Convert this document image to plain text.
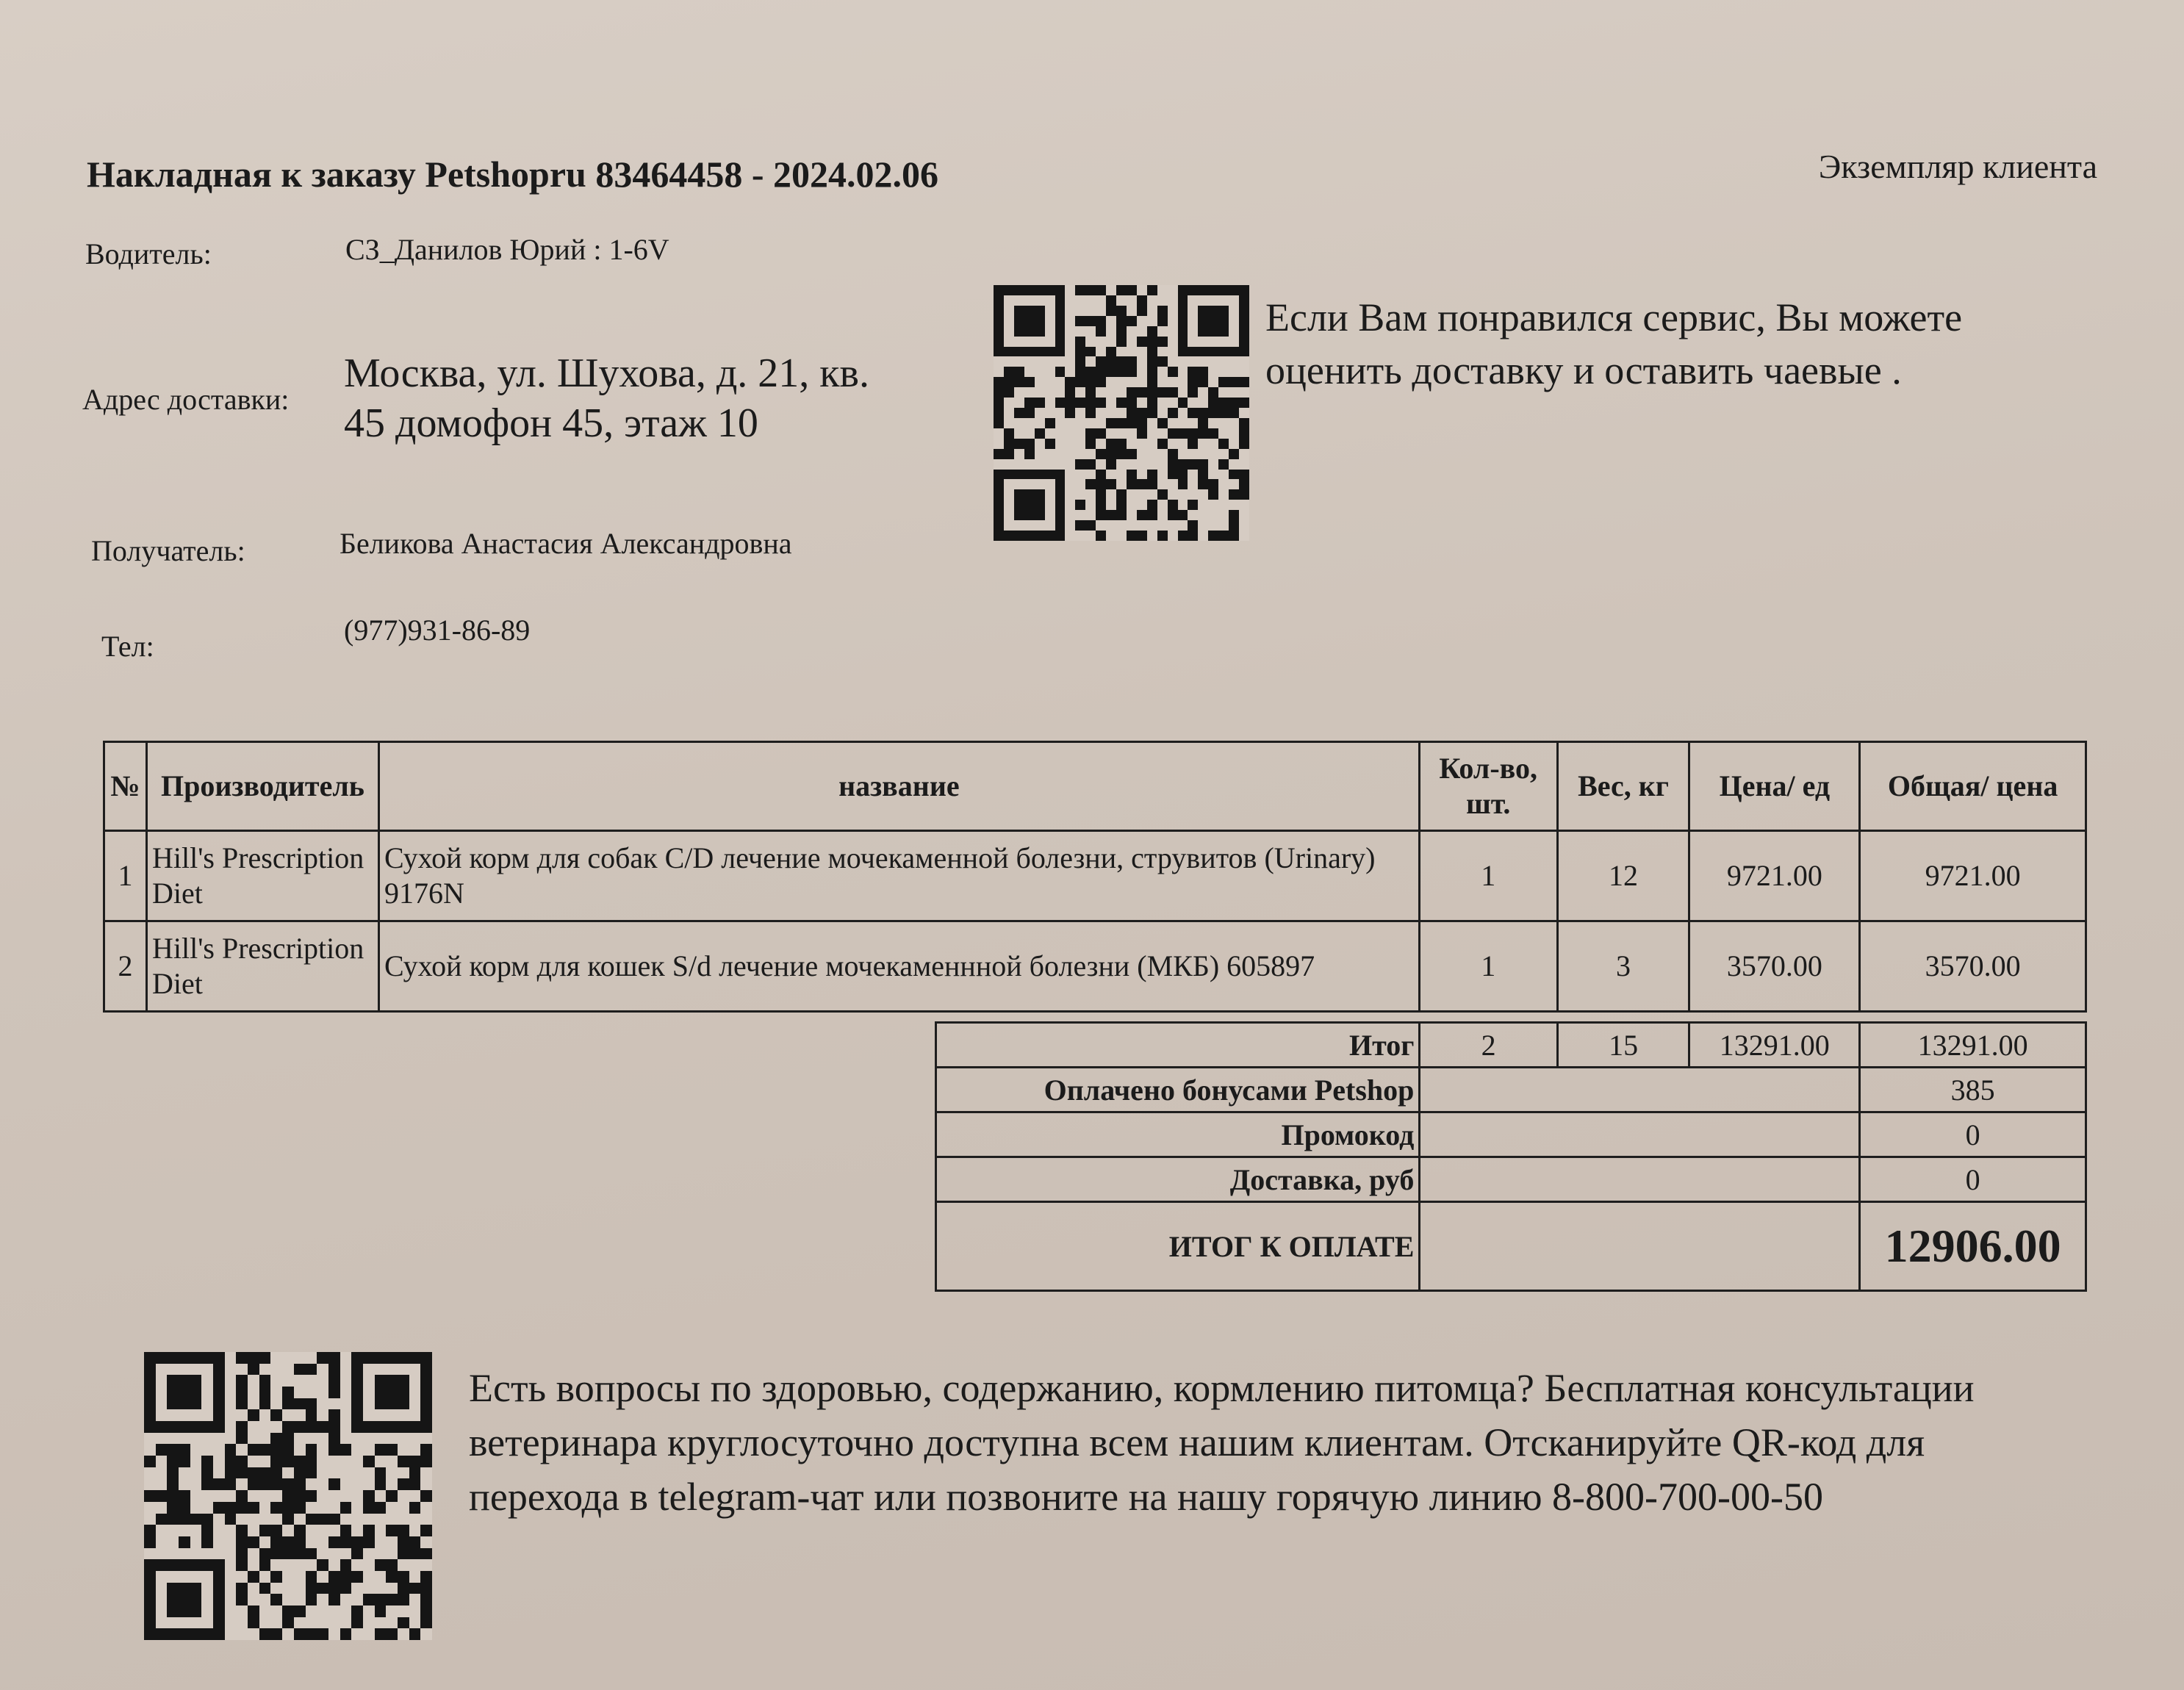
Накладная к заказу Petshopru 83464458 - 2024.02.06	Экземпляр клиента
Водитель:	СЗ_Данилов Юрий : 1-6V
Адрес доставки:
Москва, ул. Шухова, д. 21, кв. 45 домофон 45, этаж 10
Получатель:	Беликова Анастасия Александровна
Тел:	(977)931-86-89
Если Вам понравился сервис, Вы можете оценить доставку и оставить чаевые .
№	Производитель	название	Кол-во, шт.	Вес, кг	Цена/ ед	Общая/ цена
1	Hill's Prescription Diet	Сухой корм для собак C/D лечение мочекаменной болезни, струвитов (Urinary) 9176N	1	12	9721.00	9721.00
2	Hill's Prescription Diet	Сухой корм для кошек S/d лечение мочекаменнной болезни (МКБ) 605897	1	3	3570.00	3570.00
Итог	2	15	13291.00	13291.00
Оплачено бонусами Petshop				385
Промокод				0
Доставка, руб				0
ИТОГ К ОПЛАТЕ				12906.00
Есть вопросы по здоровью, содержанию, кормлению питомца? Бесплатная консультации ветеринара круглосуточно доступна всем нашим клиентам. Отсканируйте QR-код для перехода в telegram-чат или позвоните на нашу горячую линию 8-800-700-00-50
